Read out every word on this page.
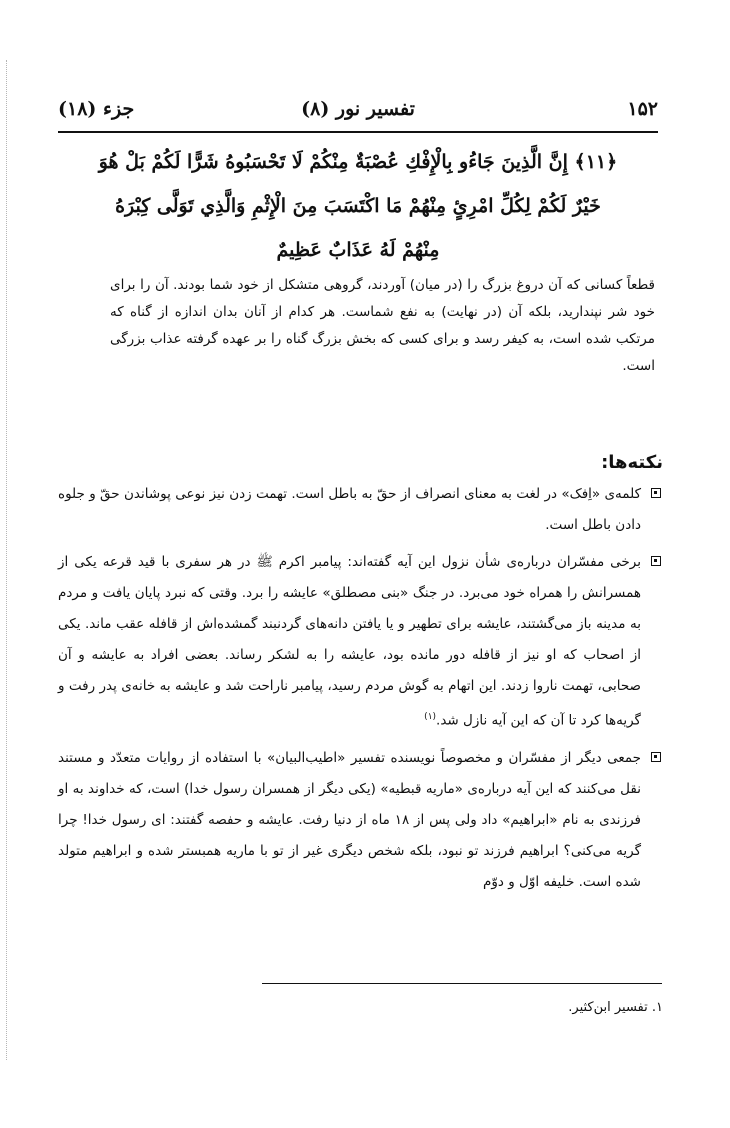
۱۵۲
تفسیر نور (۸)
جزء (۱۸)
﴿۱۱﴾ إِنَّ الَّذِينَ جَاءُو بِالْإِفْكِ عُصْبَةٌ مِنْكُمْ لَا تَحْسَبُوهُ شَرًّا لَكُمْ بَلْ هُوَ
خَيْرٌ لَكُمْ لِكُلِّ امْرِئٍ مِنْهُمْ مَا اكْتَسَبَ مِنَ الْإِثْمِ وَالَّذِي تَوَلَّى كِبْرَهُ
مِنْهُمْ لَهُ عَذَابٌ عَظِيمٌ
قطعاً کسانی که آن دروغ بزرگ را (در میان) آوردند، گروهی متشکل از خود شما بودند. آن را برای خود شر نپندارید، بلکه آن (در نهایت) به نفع شماست. هر کدام از آنان بدان اندازه از گناه که مرتکب شده است، به کیفر رسد و برای کسی که بخش بزرگ گناه را بر عهده گرفته عذاب بزرگی است.
نکته‌ها:
کلمه‌ی «اِفک» در لغت به معنای انصراف از حقّ به باطل است. تهمت زدن نیز نوعی پوشاندن حقّ و جلوه دادن باطل است.
برخی مفسّران درباره‌ی شأن نزول این آیه گفته‌اند: پیامبر اکرم ﷺ در هر سفری با قید قرعه یکی از همسرانش را همراه خود می‌برد. در جنگ «بنی مصطلق» عایشه را برد. وقتی که نبرد پایان یافت و مردم به مدینه باز می‌گشتند، عایشه برای تطهیر و یا یافتن دانه‌های گردنبند گمشده‌اش از قافله عقب ماند. یکی از اصحاب که او نیز از قافله دور مانده بود، عایشه را به لشکر رساند. بعضی افراد به عایشه و آن صحابی، تهمت ناروا زدند. این اتهام به گوش مردم رسید، پیامبر ناراحت شد و عایشه به خانه‌ی پدر رفت و گریه‌ها کرد تا آن که این آیه نازل شد.$^{(۱)}$
جمعی دیگر از مفسّران و مخصوصاً نویسنده تفسیر «اطیب‌البیان» با استفاده از روایات متعدّد و مستند نقل می‌کنند که این آیه درباره‌ی «ماریه قبطیه» (یکی دیگر از همسران رسول خدا) است، که خداوند به او فرزندی به نام «ابراهیم» داد ولی پس از ۱۸ ماه از دنیا رفت. عایشه و حفصه گفتند: ای رسول خدا! چرا گریه می‌کنی؟ ابراهیم فرزند تو نبود، بلکه شخص دیگری غیر از تو با ماریه همبستر شده و ابراهیم متولد شده است. خلیفه اوّل و دوّم
۱. تفسیر ابن‌کثیر.
